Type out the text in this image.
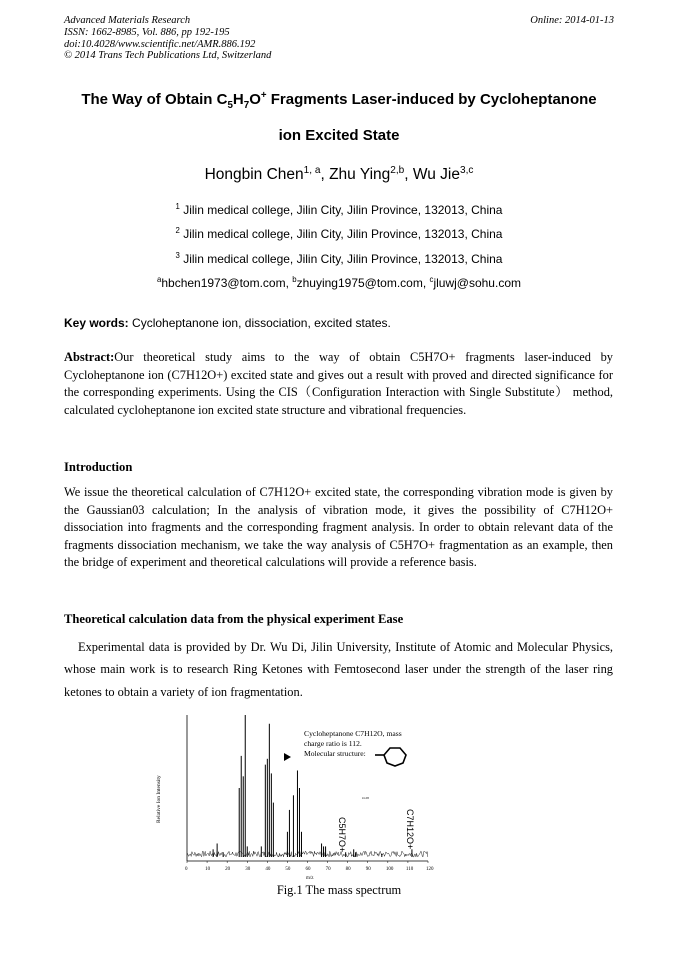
Advanced Materials Research
ISSN: 1662-8985, Vol. 886, pp 192-195
doi:10.4028/www.scientific.net/AMR.886.192
© 2014 Trans Tech Publications Ltd, Switzerland
Online: 2014-01-13
The Way of Obtain $C_5H_7O^+$ Fragments Laser-induced by Cycloheptanone
ion Excited State
Hongbin Chen$^{1, a}$, Zhu Ying$^{2,b}$, Wu Jie$^{3,c}$
$^1$ Jilin medical college, Jilin City, Jilin Province, 132013, China
$^2$ Jilin medical college, Jilin City, Jilin Province, 132013, China
$^3$ Jilin medical college, Jilin City, Jilin Province, 132013, China
$^a$hbchen1973@tom.com, $^b$zhuying1975@tom.com, $^c$jluwj@sohu.com
Key words: Cycloheptanone ion, dissociation, excited states.
Abstract:Our theoretical study aims to the way of obtain C5H7O+ fragments laser-induced by Cycloheptanone ion (C7H12O+) excited state and gives out a result with proved and directed significance for the corresponding experiments. Using the CIS（Configuration Interaction with Single Substitute） method, calculated cycloheptanone ion excited state structure and vibrational frequencies.
Introduction
We issue the theoretical calculation of C7H12O+ excited state, the corresponding vibration mode is given by the Gaussian03 calculation; In the analysis of vibration mode, it gives the possibility of C7H12O+ dissociation into fragments and the corresponding fragment analysis. In order to obtain relevant data of the fragments dissociation mechanism, we take the way analysis of C5H7O+ fragmentation as an example, then the bridge of experiment and theoretical calculations will provide a reference basis.
Theoretical calculation data from the physical experiment Ease
Experimental data is provided by Dr. Wu Di, Jilin University, Institute of Atomic and Molecular Physics, whose main work is to research Ring Ketones with Femtosecond laser under the strength of the laser ring ketones to obtain a variety of ion fragmentation.
Relative Ion Intensity
0	10	20	30	40	50	60	70	80	90	100	110	120
m/z
Cycloheptanone C7H12O, mass
charge ratio is 112.
Molecular structure:
O.28
C5H7O+	C7H12O+
Fig.1 The mass spectrum
